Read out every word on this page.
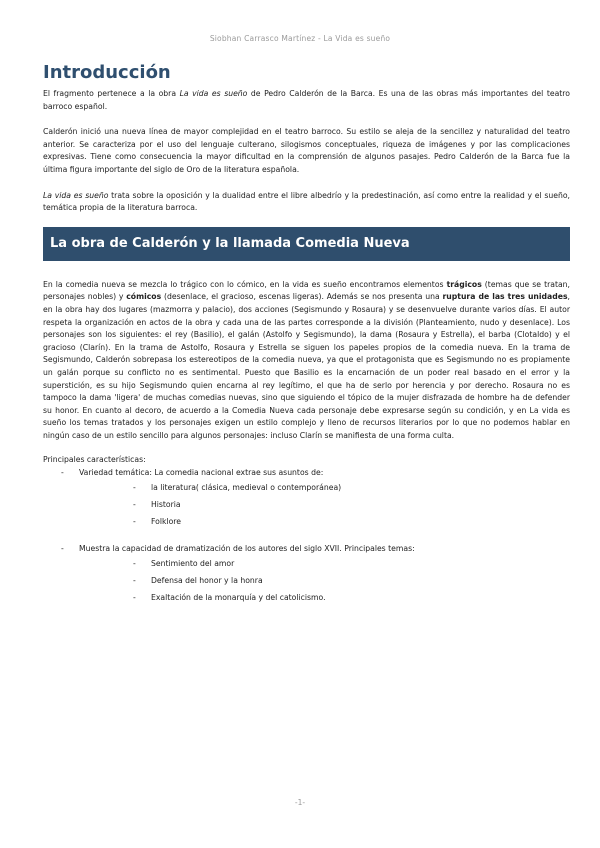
Siobhan Carrasco Martínez - La Vida es sueño
Introducción

El fragmento pertenece a la obra La vida es sueño de Pedro Calderón de la Barca. Es una de las obras más importantes del teatro barroco español.

Calderón inició una nueva línea de mayor complejidad en el teatro barroco. Su estilo se aleja de la sencillez y naturalidad del teatro anterior. Se caracteriza por el uso del lenguaje culterano, silogismos conceptuales, riqueza de imágenes y por las complicaciones expresivas. Tiene como consecuencia la mayor dificultad en la comprensión de algunos pasajes. Pedro Calderón de la Barca fue la última figura importante del siglo de Oro de la literatura española.

La vida es sueño trata sobre la oposición y la dualidad entre el libre albedrío y la predestinación, así como entre la realidad y el sueño, temática propia de la literatura barroca.

La obra de Calderón y la llamada Comedia Nueva

En la comedia nueva se mezcla lo trágico con lo cómico, en la vida es sueño encontramos elementos trágicos (temas que se tratan, personajes nobles) y cómicos (desenlace, el gracioso, escenas ligeras). Además se nos presenta una ruptura de las tres unidades, en la obra hay dos lugares (mazmorra y palacio), dos acciones (Segismundo y Rosaura) y se desenvuelve durante varios días. El autor respeta la organización en actos de la obra y cada una de las partes corresponde a la división (Planteamiento, nudo y desenlace). Los personajes son los siguientes: el rey (Basilio), el galán (Astolfo y Segismundo), la dama (Rosaura y Estrella), el barba (Clotaldo) y el gracioso (Clarín). En la trama de Astolfo, Rosaura y Estrella se siguen los papeles propios de la comedia nueva. En la trama de Segismundo, Calderón sobrepasa los estereotipos de la comedia nueva, ya que el protagonista que es Segismundo no es propiamente un galán porque su conflicto no es sentimental. Puesto que Basilio es la encarnación de un poder real basado en el error y la superstición, es su hijo Segismundo quien encarna al rey legítimo, el que ha de serlo por herencia y por derecho. Rosaura no es tampoco la dama 'ligera' de muchas comedias nuevas, sino que siguiendo el tópico de la mujer disfrazada de hombre ha de defender su honor. En cuanto al decoro, de acuerdo a la Comedia Nueva cada personaje debe expresarse según su condición, y en La vida es sueño los temas tratados y los personajes exigen un estilo complejo y lleno de recursos literarios por lo que no podemos hablar en ningún caso de un estilo sencillo para algunos personajes: incluso Clarín se manifiesta de una forma culta.

Principales características:
- Variedad temática: La comedia nacional extrae sus asuntos de:
- la literatura( clásica, medieval o contemporánea)
- Historia
- Folklore
- Muestra la capacidad de dramatización de los autores del siglo XVII. Principales temas:
- Sentimiento del amor
- Defensa del honor y la honra
- Exaltación de la monarquía y del catolicismo.
-1-
